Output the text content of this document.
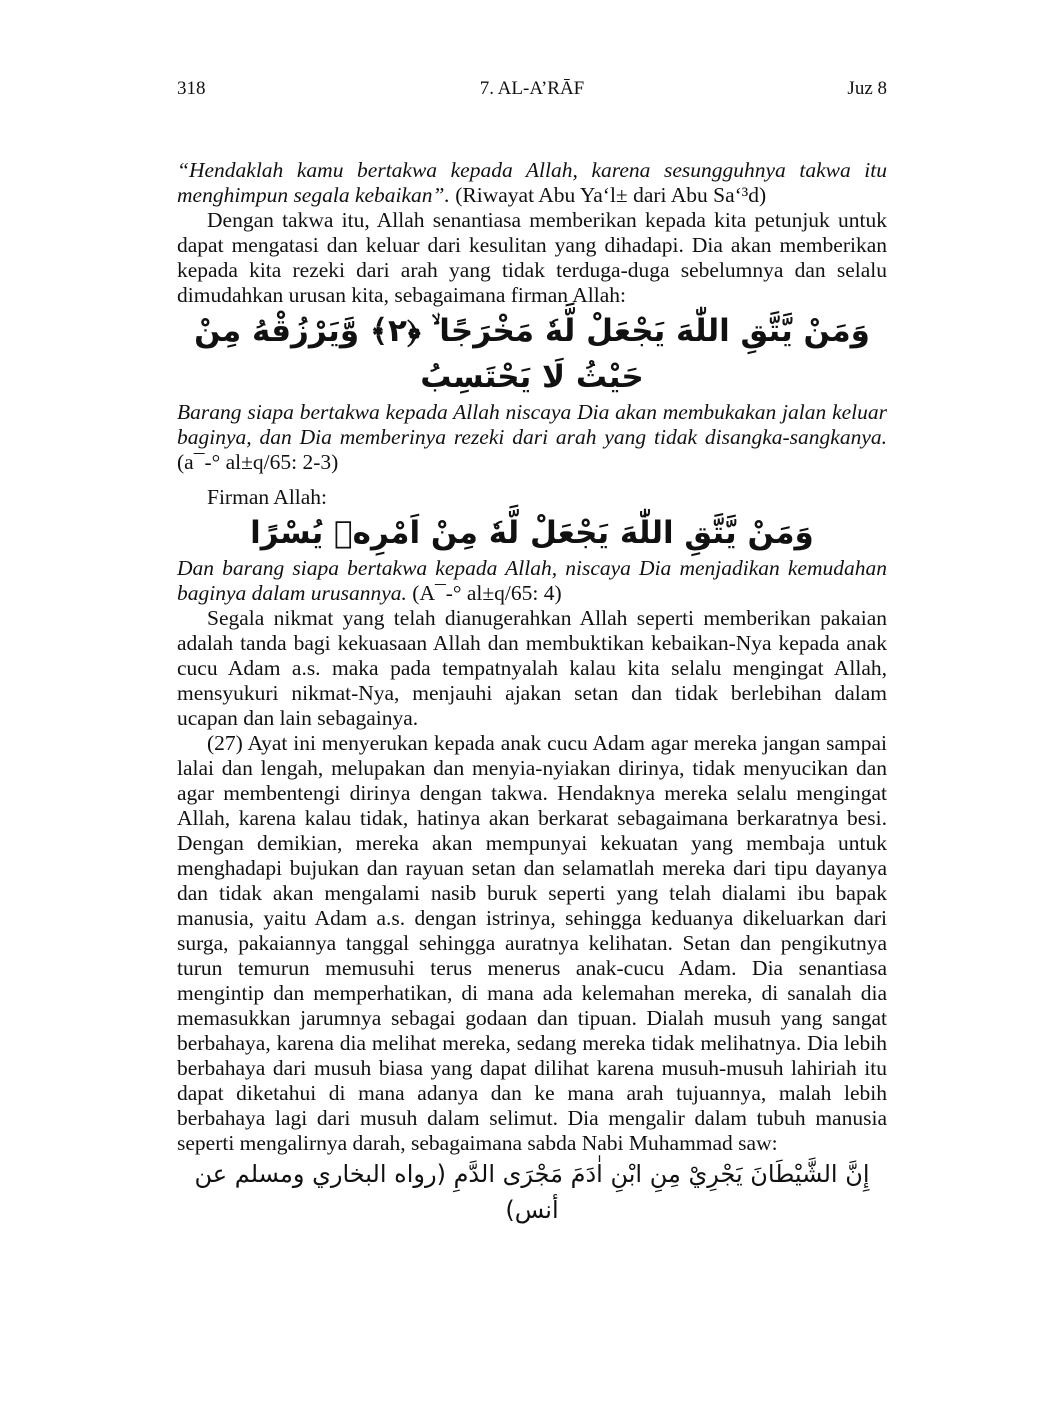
318	7. AL-A’RĀF	Juz 8

“Hendaklah kamu bertakwa kepada Allah, karena sesungguhnya takwa itu menghimpun segala kebaikan”. (Riwayat Abu Ya‘l± dari Abu Sa‘³d)

Dengan takwa itu, Allah senantiasa memberikan kepada kita petunjuk untuk dapat mengatasi dan keluar dari kesulitan yang dihadapi. Dia akan memberikan kepada kita rezeki dari arah yang tidak terduga-duga sebelumnya dan selalu dimudahkan urusan kita, sebagaimana firman Allah:

وَمَنْ يَّتَّقِ اللّٰهَ يَجْعَلْ لَّهٗ مَخْرَجًا ۙ ﴿٢﴾ وَّيَرْزُقْهُ مِنْ حَيْثُ لَا يَحْتَسِبُ

Barang siapa bertakwa kepada Allah niscaya Dia akan membukakan jalan keluar baginya, dan Dia memberinya rezeki dari arah yang tidak disangka-sangkanya. (a¯-° al±q/65: 2-3)

Firman Allah:

وَمَنْ يَّتَّقِ اللّٰهَ يَجْعَلْ لَّهٗ مِنْ اَمْرِهٖ يُسْرًا

Dan barang siapa bertakwa kepada Allah, niscaya Dia menjadikan kemudahan baginya dalam urusannya. (A¯-° al±q/65: 4)

Segala nikmat yang telah dianugerahkan Allah seperti memberikan pakaian adalah tanda bagi kekuasaan Allah dan membuktikan kebaikan-Nya kepada anak cucu Adam a.s. maka pada tempatnyalah kalau kita selalu mengingat Allah, mensyukuri nikmat-Nya, menjauhi ajakan setan dan tidak berlebihan dalam ucapan dan lain sebagainya.

(27) Ayat ini menyerukan kepada anak cucu Adam agar mereka jangan sampai lalai dan lengah, melupakan dan menyia-nyiakan dirinya, tidak menyucikan dan agar membentengi dirinya dengan takwa. Hendaknya mereka selalu mengingat Allah, karena kalau tidak, hatinya akan berkarat sebagaimana berkaratnya besi. Dengan demikian, mereka akan mempunyai kekuatan yang membaja untuk menghadapi bujukan dan rayuan setan dan selamatlah mereka dari tipu dayanya dan tidak akan mengalami nasib buruk seperti yang telah dialami ibu bapak manusia, yaitu Adam a.s. dengan istrinya, sehingga keduanya dikeluarkan dari surga, pakaiannya tanggal sehingga auratnya kelihatan. Setan dan pengikutnya turun temurun memusuhi terus menerus anak-cucu Adam. Dia senantiasa mengintip dan memperhatikan, di mana ada kelemahan mereka, di sanalah dia memasukkan jarumnya sebagai godaan dan tipuan. Dialah musuh yang sangat berbahaya, karena dia melihat mereka, sedang mereka tidak melihatnya. Dia lebih berbahaya dari musuh biasa yang dapat dilihat karena musuh-musuh lahiriah itu dapat diketahui di mana adanya dan ke mana arah tujuannya, malah lebih berbahaya lagi dari musuh dalam selimut. Dia mengalir dalam tubuh manusia seperti mengalirnya darah, sebagaimana sabda Nabi Muhammad saw:

إِنَّ الشَّيْطَانَ يَجْرِيْ مِنِ ابْنِ اٰدَمَ مَجْرَى الدَّمِ (رواه البخاري ومسلم عن أنس)
